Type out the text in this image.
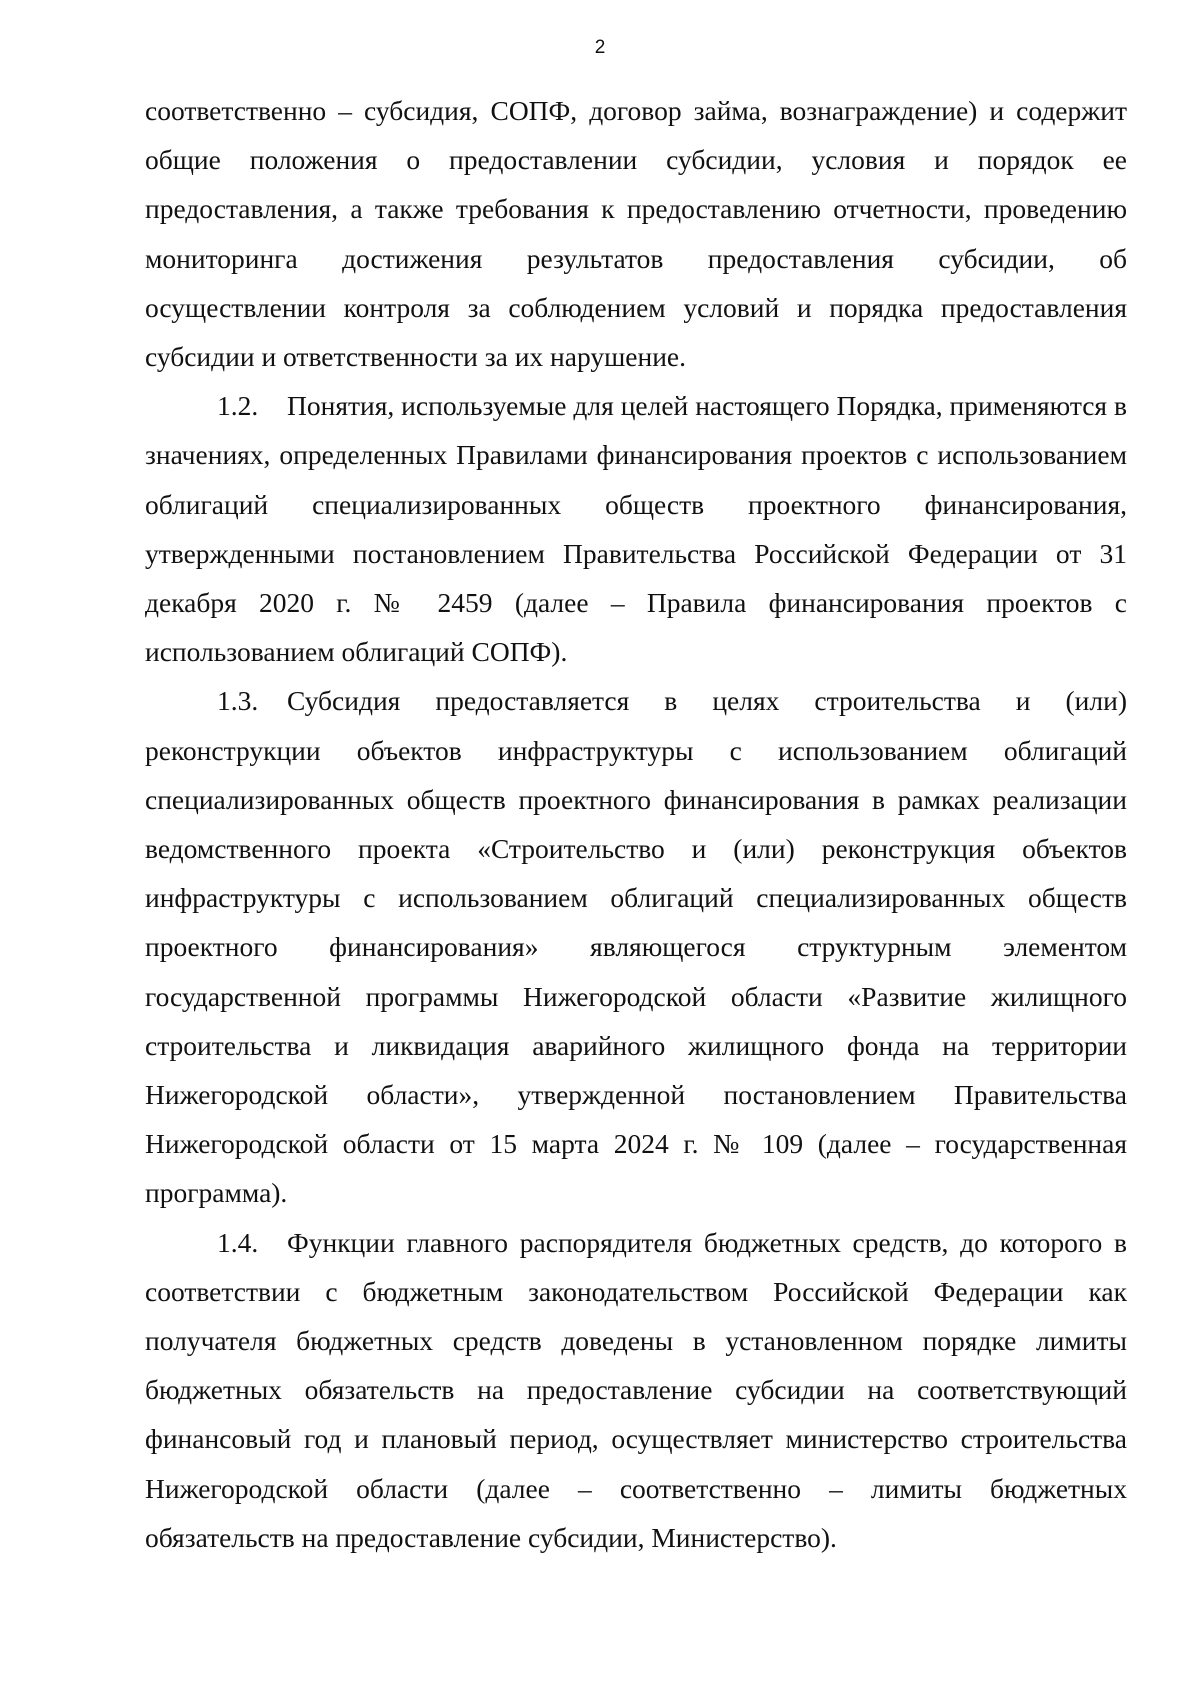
2

соответственно – субсидия, СОПФ, договор займа, вознаграждение) и содержит общие положения о предоставлении субсидии, условия и порядок ее предоставления, а также требования к предоставлению отчетности, проведению мониторинга достижения результатов предоставления субсидии, об осуществлении контроля за соблюдением условий и порядка предоставления субсидии и ответственности за их нарушение.

1.2. Понятия, используемые для целей настоящего Порядка, применяются в значениях, определенных Правилами финансирования проектов с использованием облигаций специализированных обществ проектного финансирования, утвержденными постановлением Правительства Российской Федерации от 31 декабря 2020 г. № 2459 (далее – Правила финансирования проектов с использованием облигаций СОПФ).

1.3. Субсидия предоставляется в целях строительства и (или) реконструкции объектов инфраструктуры с использованием облигаций специализированных обществ проектного финансирования в рамках реализации ведомственного проекта «Строительство и (или) реконструкция объектов инфраструктуры с использованием облигаций специализированных обществ проектного финансирования» являющегося структурным элементом государственной программы Нижегородской области «Развитие жилищного строительства и ликвидация аварийного жилищного фонда на территории Нижегородской области», утвержденной постановлением Правительства Нижегородской области от 15 марта 2024 г. № 109 (далее – государственная программа).

1.4. Функции главного распорядителя бюджетных средств, до которого в соответствии с бюджетным законодательством Российской Федерации как получателя бюджетных средств доведены в установленном порядке лимиты бюджетных обязательств на предоставление субсидии на соответствующий финансовый год и плановый период, осуществляет министерство строительства Нижегородской области (далее – соответственно – лимиты бюджетных обязательств на предоставление субсидии, Министерство).
